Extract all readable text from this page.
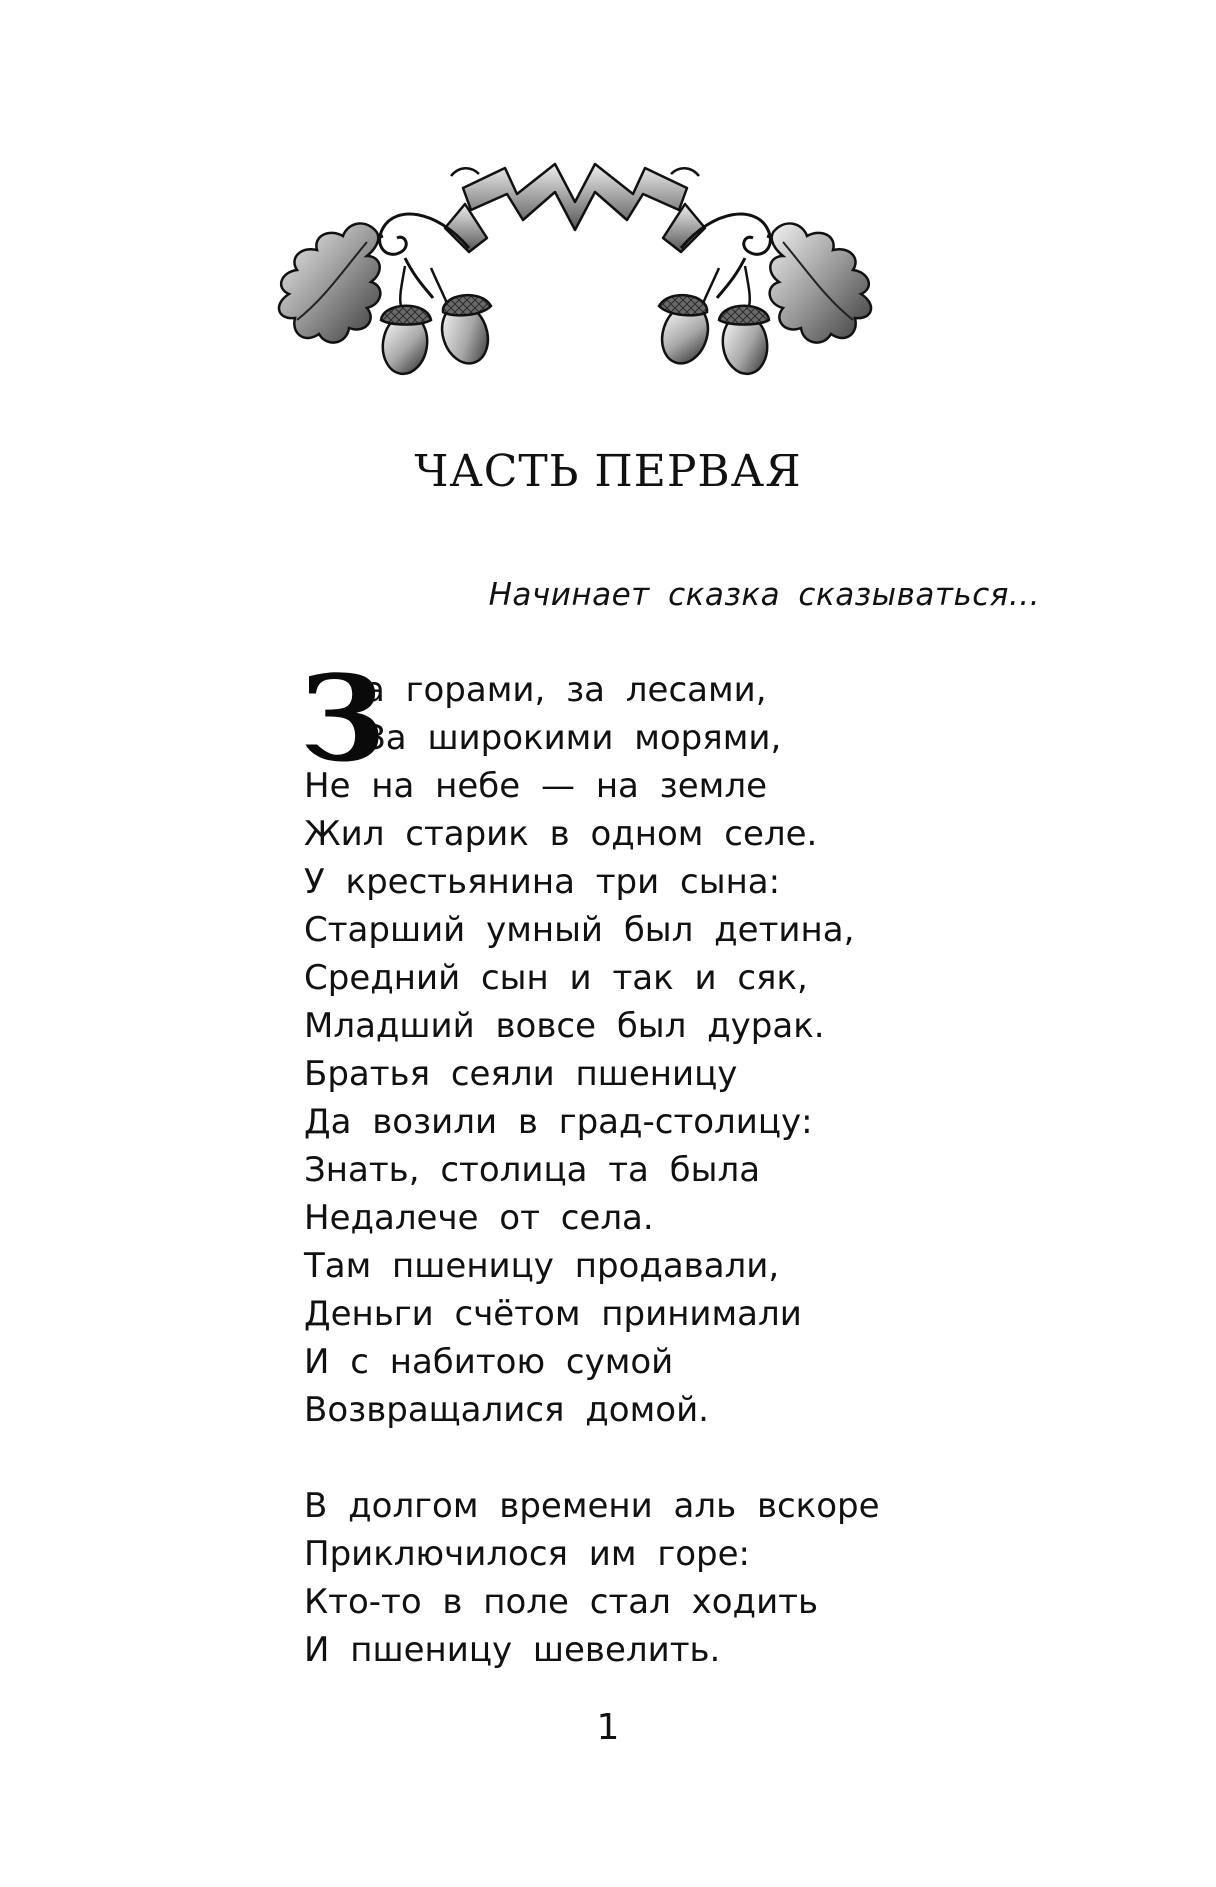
ЧАСТЬ ПЕРВАЯ
Начинает сказка сказываться...
З
а горами, за лесами,
За широкими морями,
Не на небе — на земле
Жил старик в одном селе.
У крестьянина три сына:
Старший умный был детина,
Средний сын и так и сяк,
Младший вовсе был дурак.
Братья сеяли пшеницу
Да возили в град-столицу:
Знать, столица та была
Недалече от села.
Там пшеницу продавали,
Деньги счётом принимали
И с набитою сумой
Возвращалися домой.
В долгом времени аль вскоре
Приключилося им горе:
Кто-то в поле стал ходить
И пшеницу шевелить.
1
